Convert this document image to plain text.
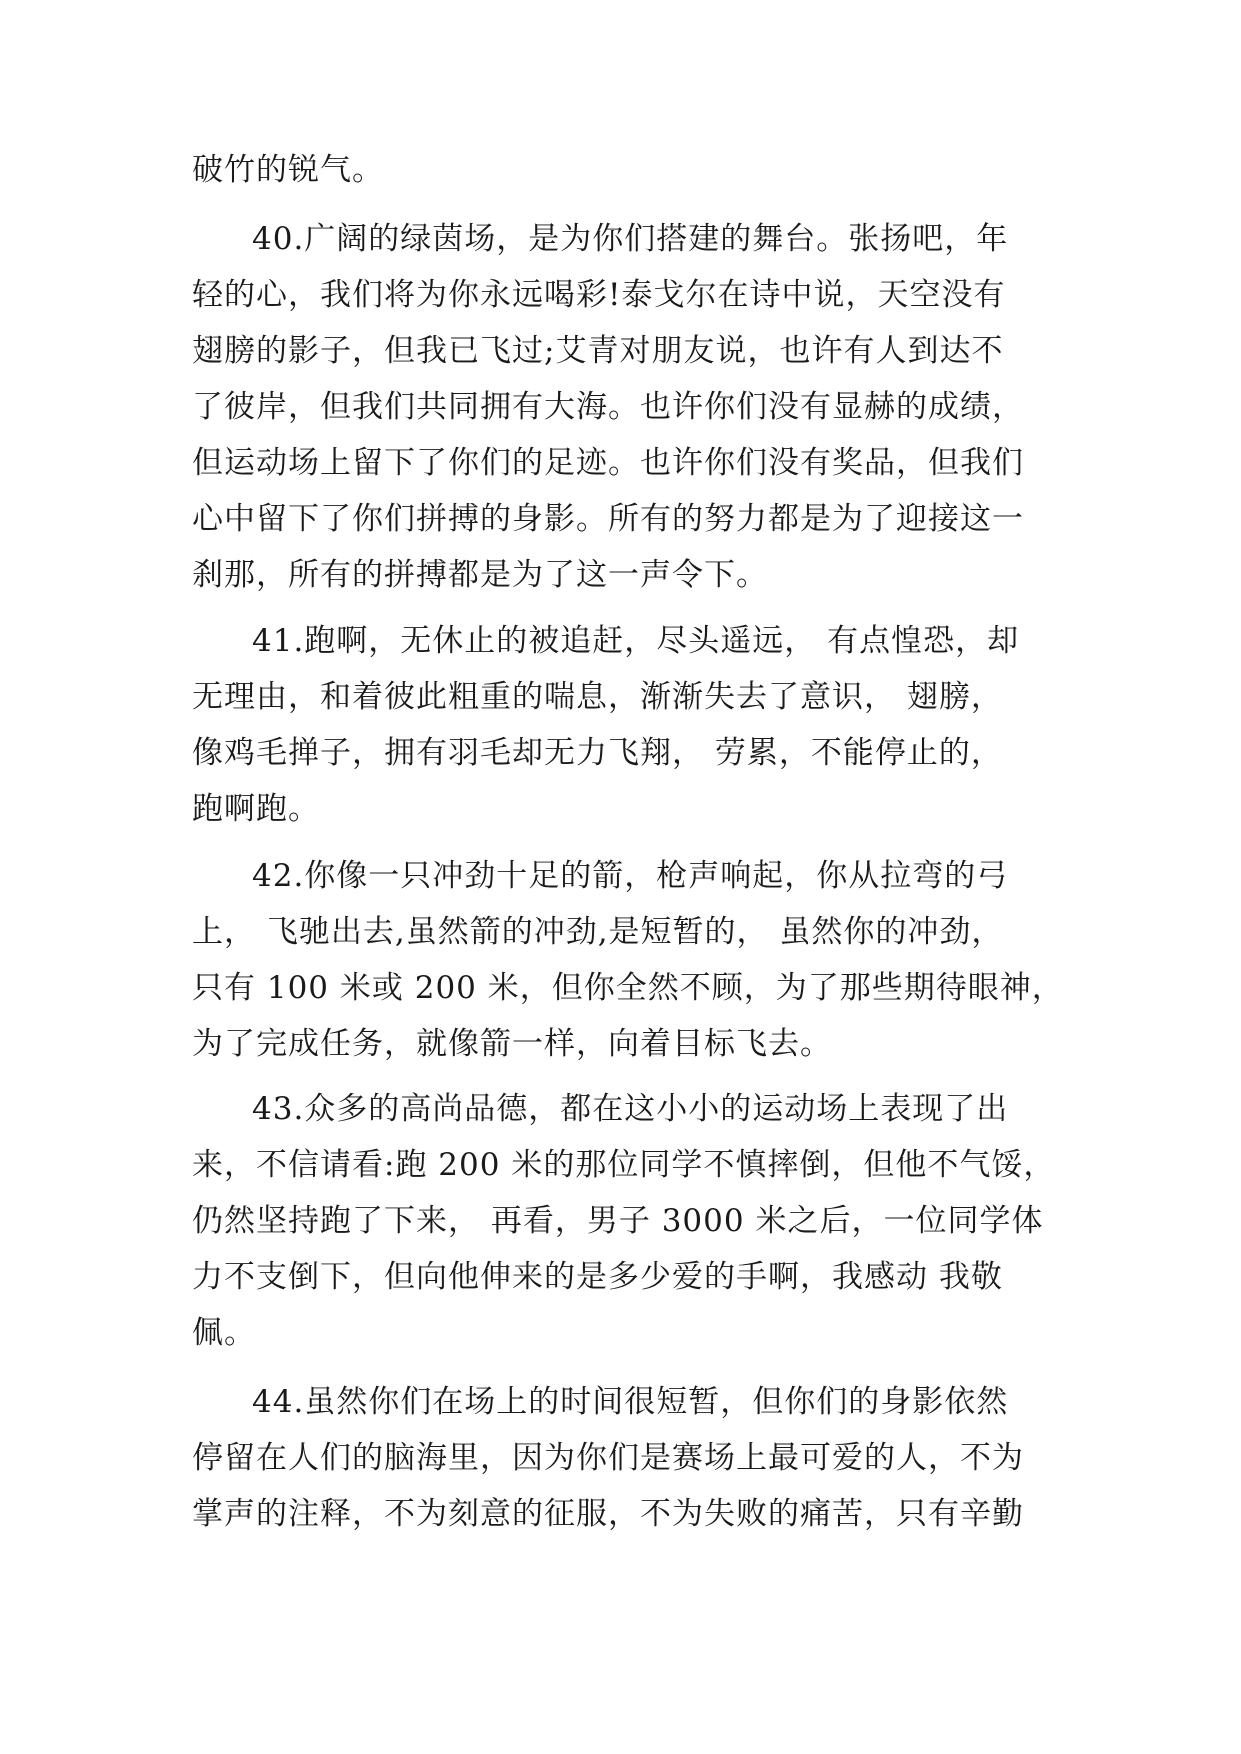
破竹的锐气。
40.广阔的绿茵场，是为你们搭建的舞台。张扬吧，年
轻的心，我们将为你永远喝彩!泰戈尔在诗中说，天空没有
翅膀的影子，但我已飞过;艾青对朋友说，也许有人到达不
了彼岸，但我们共同拥有大海。也许你们没有显赫的成绩，
但运动场上留下了你们的足迹。也许你们没有奖品，但我们
心中留下了你们拼搏的身影。所有的努力都是为了迎接这一
刹那，所有的拼搏都是为了这一声令下。
41.跑啊，无休止的被追赶，尽头遥远， 有点惶恐，却
无理由，和着彼此粗重的喘息，渐渐失去了意识， 翅膀，
像鸡毛掸子，拥有羽毛却无力飞翔， 劳累，不能停止的，
跑啊跑。
42.你像一只冲劲十足的箭，枪声响起，你从拉弯的弓
上， 飞驰出去,虽然箭的冲劲,是短暂的， 虽然你的冲劲，
只有 100 米或 200 米，但你全然不顾，为了那些期待眼神，
为了完成任务，就像箭一样，向着目标飞去。
43.众多的高尚品德，都在这小小的运动场上表现了出
来，不信请看:跑 200 米的那位同学不慎摔倒，但他不气馁，
仍然坚持跑了下来， 再看，男子 3000 米之后，一位同学体
力不支倒下，但向他伸来的是多少爱的手啊，我感动 我敬
佩。
44.虽然你们在场上的时间很短暂，但你们的身影依然
停留在人们的脑海里，因为你们是赛场上最可爱的人，不为
掌声的注释，不为刻意的征服，不为失败的痛苦，只有辛勤
